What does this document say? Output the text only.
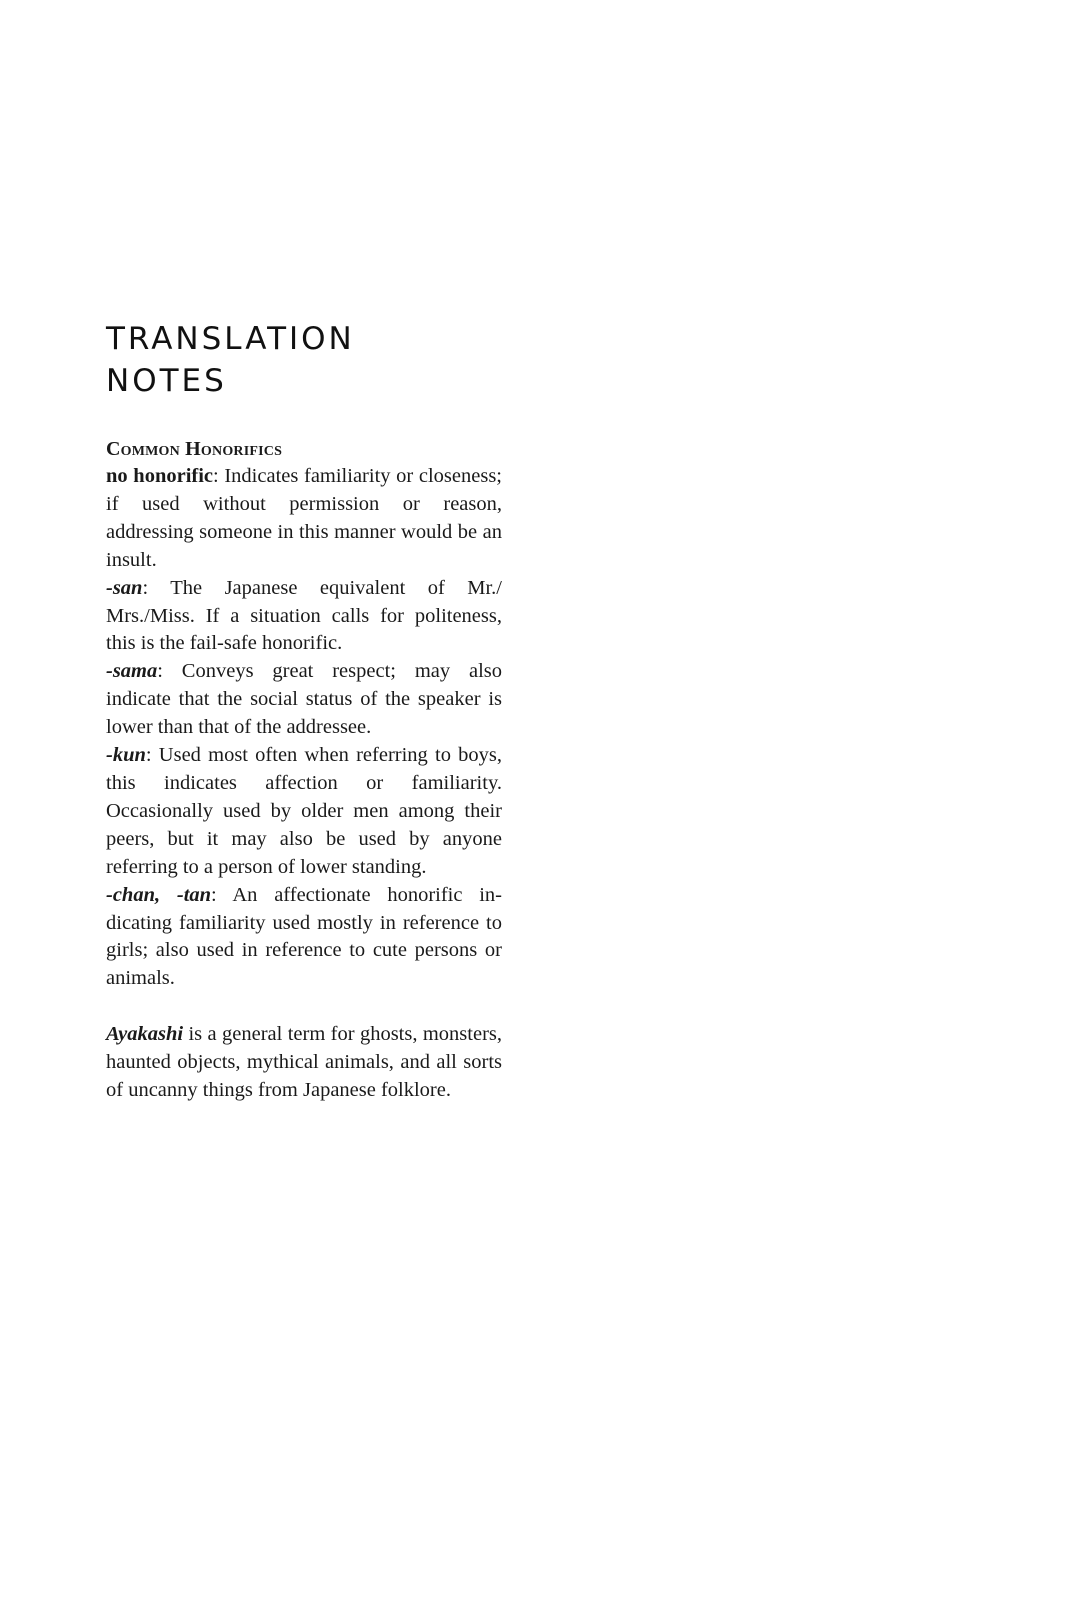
TRANSLATION
NOTES
Common Honorifics

no honorific: Indicates familiarity or closeness; if used without permission or reason, addressing someone in this manner would be an insult.

-san: The Japanese equivalent of Mr./ Mrs./Miss. If a situation calls for politeness, this is the fail-safe honorific.

-sama: Conveys great respect; may also indicate that the social status of the speaker is lower than that of the addressee.

-kun: Used most often when referring to boys, this indicates affection or familiarity. Occasionally used by older men among their peers, but it may also be used by anyone referring to a person of lower standing.

-chan, -tan: An affectionate honorific indicating familiarity used mostly in reference to girls; also used in reference to cute persons or animals.

Ayakashi is a general term for ghosts, monsters, haunted objects, mythical animals, and all sorts of uncanny things from Japanese folklore.
